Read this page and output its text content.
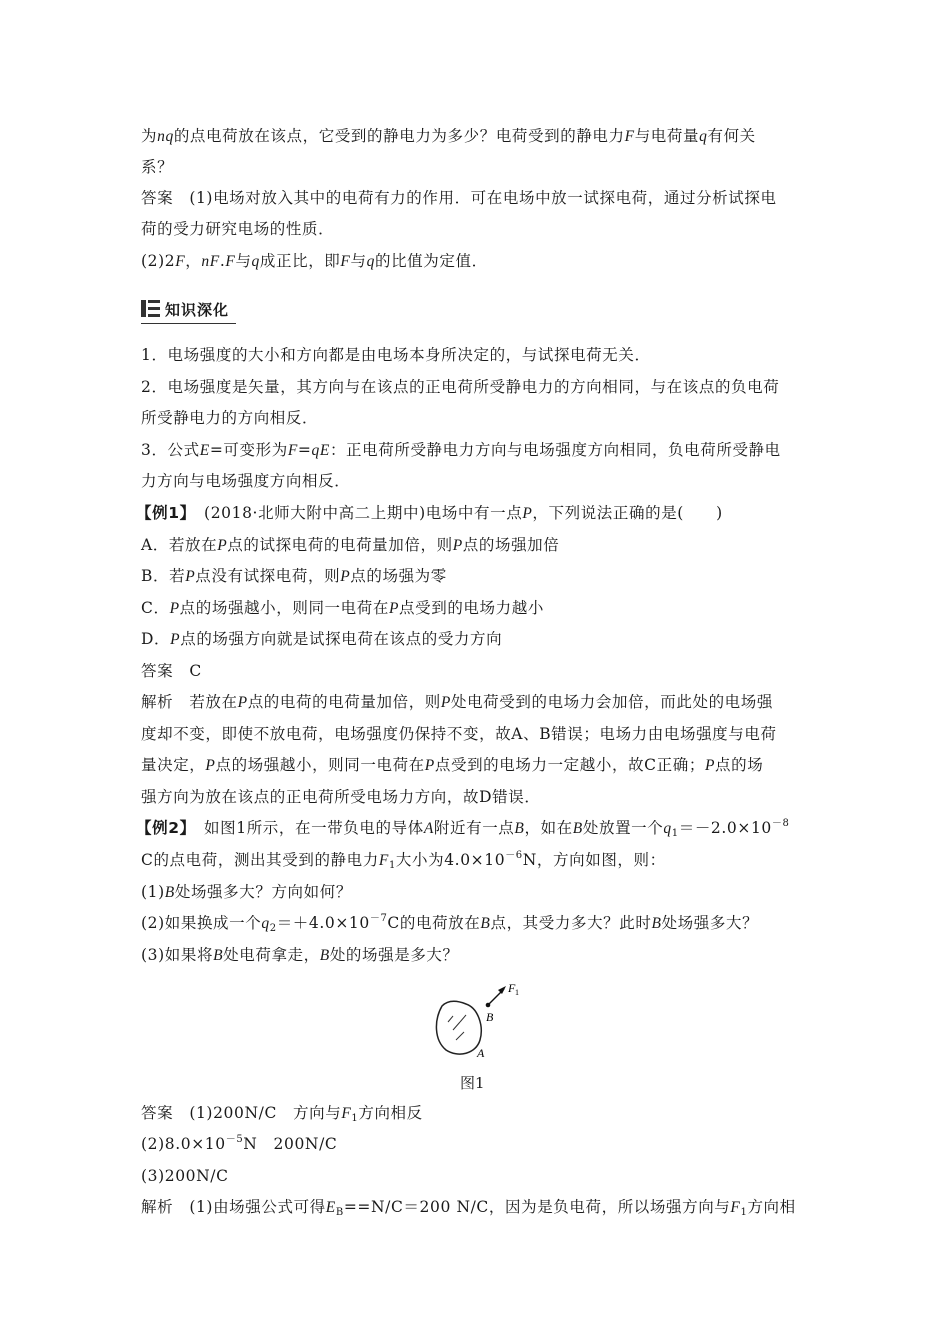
为nq的点电荷放在该点，它受到的静电力为多少？电荷受到的静电力F与电荷量q有何关
系？
答案　 (1)电场对放入其中的电荷有力的作用．可在电场中放一试探电荷，通过分析试探电
荷的受力研究电场的性质．
(2)2F，nF.F与q成正比，即F与q的比值为定值．
知识深化
1．电场强度的大小和方向都是由电场本身所决定的，与试探电荷无关．
2．电场强度是矢量，其方向与在该点的正电荷所受静电力的方向相同，与在该点的负电荷
所受静电力的方向相反．
3．公式E=可变形为F=qE：正电荷所受静电力方向与电场强度方向相同，负电荷所受静电
力方向与电场强度方向相反．
【例1】　 (2018·北师大附中高二上期中)电场中有一点P，下列说法正确的是(　　)
A．若放在P点的试探电荷的电荷量加倍，则P点的场强加倍
B．若P点没有试探电荷，则P点的场强为零
C．P点的场强越小，则同一电荷在P点受到的电场力越小
D．P点的场强方向就是试探电荷在该点的受力方向
答案　 C
解析　 若放在P点的电荷的电荷量加倍，则P处电荷受到的电场力会加倍，而此处的电场强
度却不变，即使不放电荷，电场强度仍保持不变，故A、B错误；电场力由电场强度与电荷
量决定，P点的场强越小，则同一电荷在P点受到的电场力一定越小，故C正确；P点的场
强方向为放在该点的正电荷所受电场力方向，故D错误．
【例2】　 如图1所示，在一带负电的导体A附近有一点B，如在B处放置一个$q_1=-2.0\times 10^{-8}$
C的点电荷，测出其受到的静电力$F_1$大小为$4.0\times 10^{-6}N$，方向如图，则：
(1)B处场强多大？方向如何？
(2)如果换成一个$q_2=+4.0\times 10^{-7}C$的电荷放在B点，其受力多大？此时B处场强多大？
(3)如果将B处电荷拿走，B处的场强是多大？
F 1
B
A
图1
答案　 (1)200N/C　方向与$F_1$方向相反
$(2)8.0\times 10^{-5}N$　200N/C
(3)200N/C
解析　 (1)由场强公式可得$E_B==N/C=200$ N/C，因为是负电荷，所以场强方向与$F_1$方向相
